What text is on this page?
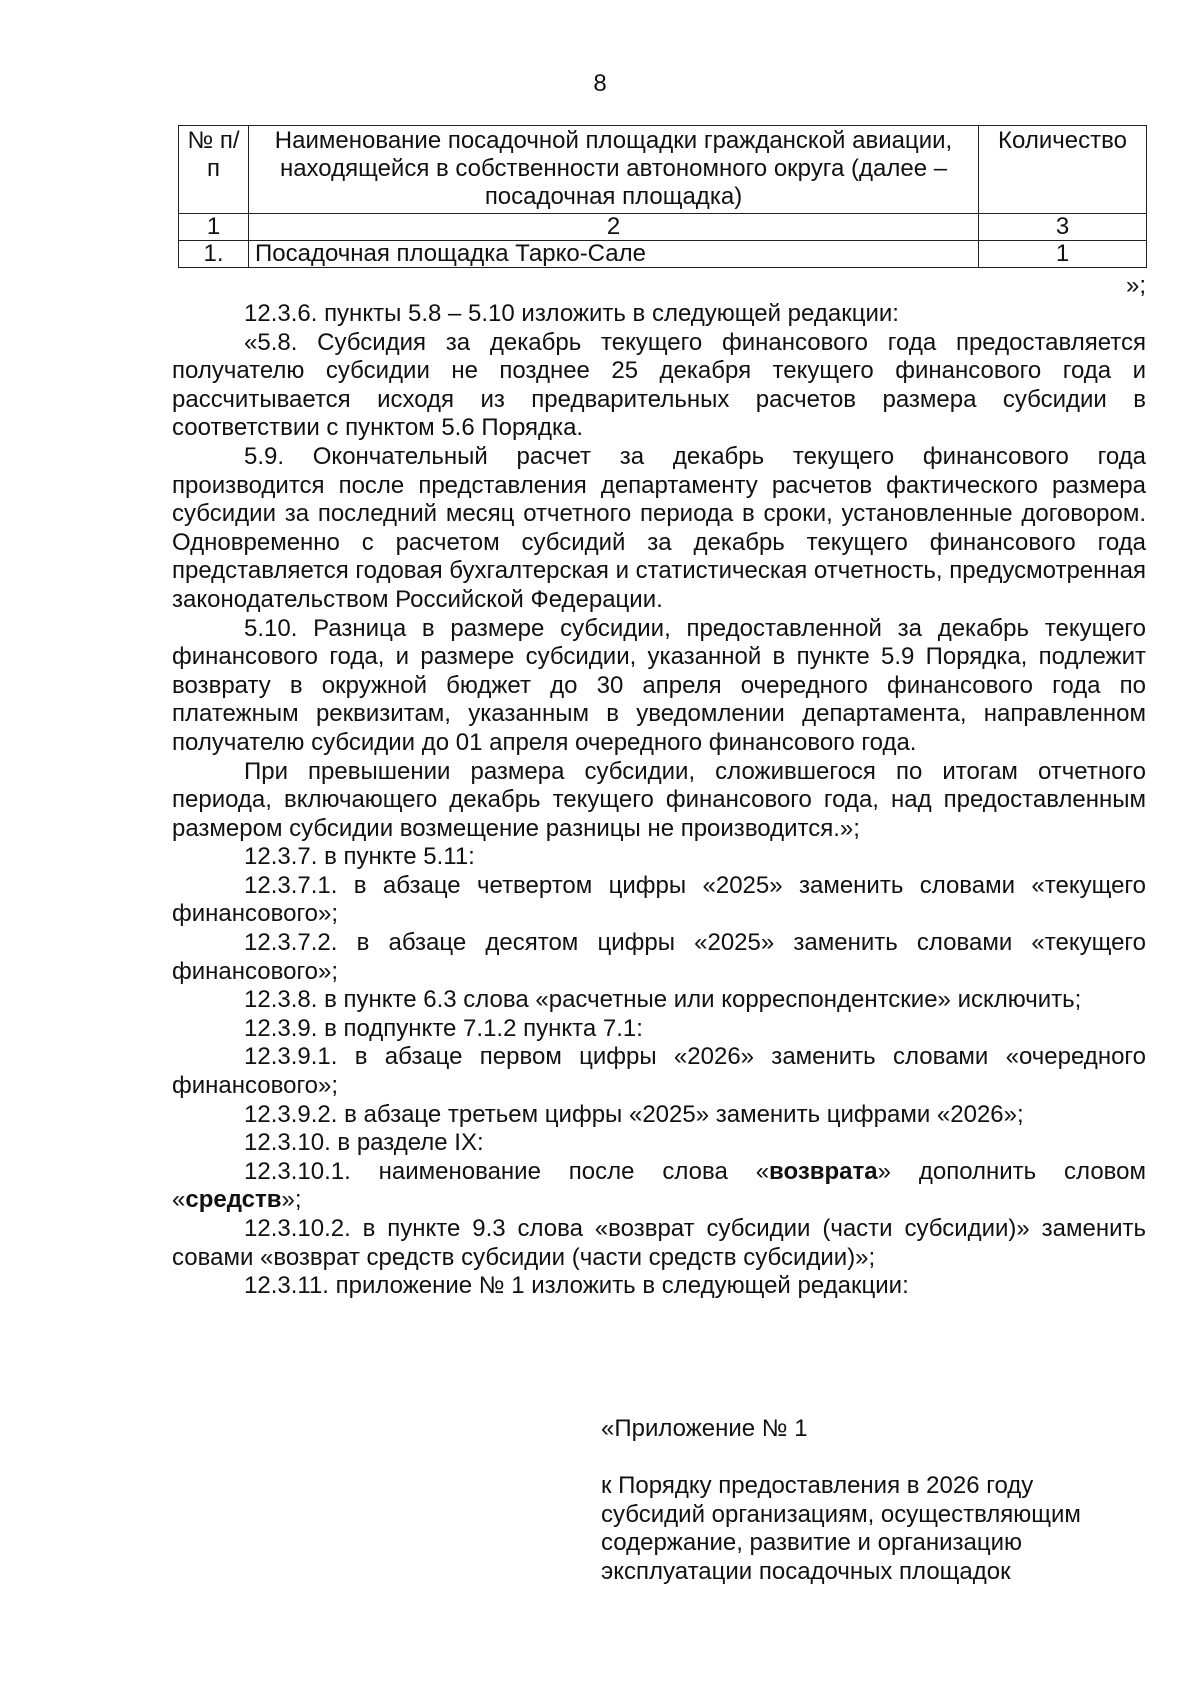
8
№ п/п	Наименование посадочной площадки гражданской авиации, находящейся в собственности автономного округа (далее – посадочная площадка)	Количество
1	2	3
1.	Посадочная площадка Тарко-Сале	1
»;

12.3.6. пункты 5.8 – 5.10 изложить в следующей редакции:

«5.8. Субсидия за декабрь текущего финансового года предоставляется получателю субсидии не позднее 25 декабря текущего финансового года и рассчитывается исходя из предварительных расчетов размера субсидии в соответствии с пунктом 5.6 Порядка.

5.9. Окончательный расчет за декабрь текущего финансового года производится после представления департаменту расчетов фактического размера субсидии за последний месяц отчетного периода в сроки, установленные договором. Одновременно с расчетом субсидий за декабрь текущего финансового года представляется годовая бухгалтерская и статистическая отчетность, предусмотренная законодательством Российской Федерации.

5.10. Разница в размере субсидии, предоставленной за декабрь текущего финансового года, и размере субсидии, указанной в пункте 5.9 Порядка, подлежит возврату в окружной бюджет до 30 апреля очередного финансового года по платежным реквизитам, указанным в уведомлении департамента, направленном получателю субсидии до 01 апреля очередного финансового года.

При превышении размера субсидии, сложившегося по итогам отчетного периода, включающего декабрь текущего финансового года, над предоставленным размером субсидии возмещение разницы не производится.»;

12.3.7. в пункте 5.11:

12.3.7.1. в абзаце четвертом цифры «2025» заменить словами «текущего финансового»;

12.3.7.2. в абзаце десятом цифры «2025» заменить словами «текущего финансового»;

12.3.8. в пункте 6.3 слова «расчетные или корреспондентские» исключить;

12.3.9. в подпункте 7.1.2 пункта 7.1:

12.3.9.1. в абзаце первом цифры «2026» заменить словами «очередного финансового»;

12.3.9.2. в абзаце третьем цифры «2025» заменить цифрами «2026»;

12.3.10. в разделе IX:

12.3.10.1. наименование после слова «возврата» дополнить словом «средств»;

12.3.10.2. в пункте 9.3 слова «возврат субсидии (части субсидии)» заменить совами «возврат средств субсидии (части средств субсидии)»;

12.3.11. приложение № 1 изложить в следующей редакции:

«Приложение № 1

к Порядку предоставления в 2026 году

субсидий организациям, осуществляющим

содержание, развитие и организацию

эксплуатации посадочных площадок
